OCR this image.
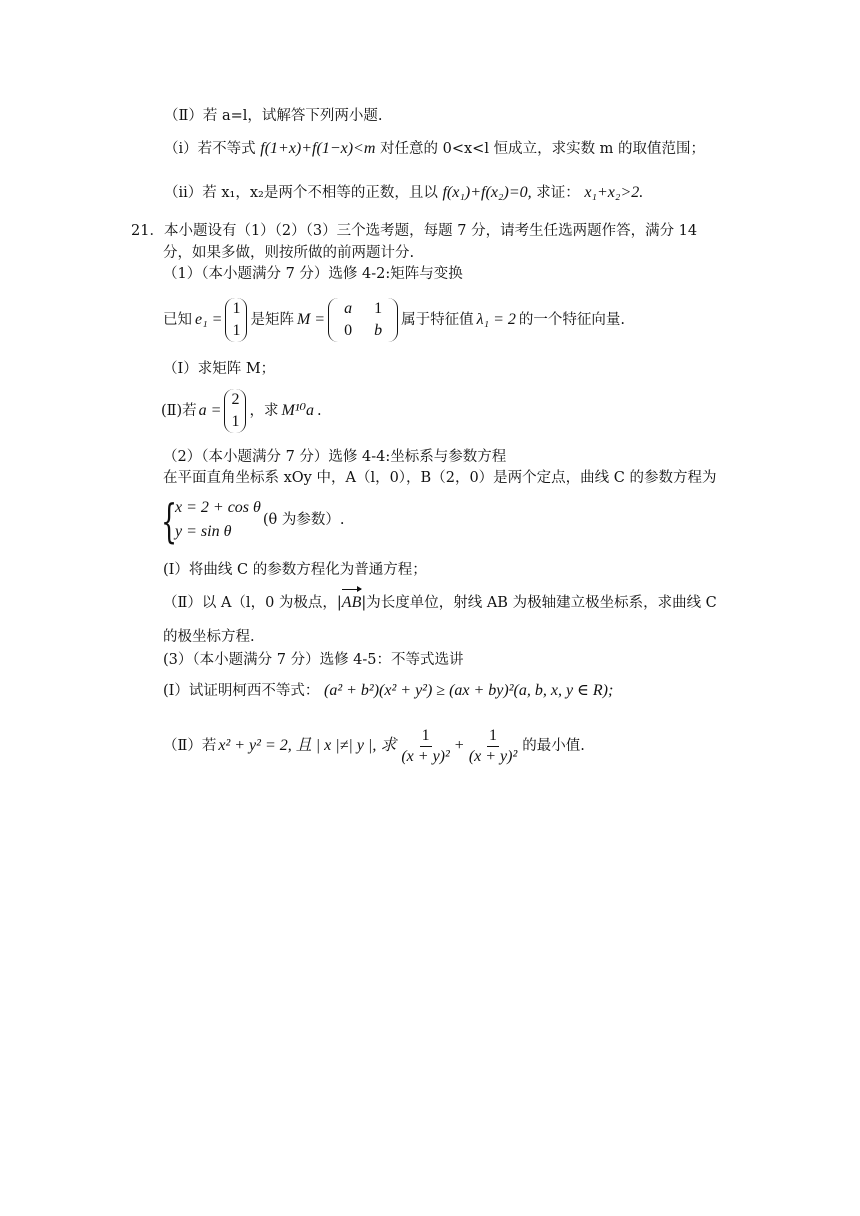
（Ⅱ）若 a=l，试解答下列两小题.
（i）若不等式 f(1+x)+f(1−x)<m 对任意的 0<x<l 恒成立，求实数 m 的取值范围；
（ii）若 x₁，x₂是两个不相等的正数，且以 f(x₁)+f(x₂)=0, 求证： x₁+x₂>2.
21．本小题设有（1）（2）（3）三个选考题，每题 7 分，请考生任选两题作答，满分 14
分，如果多做，则按所做的前两题计分.
（1）（本小题满分 7 分）选修 4-2:矩阵与变换
已知 e₁ =
1
1
是矩阵 M =
a	1
0	b
属于特征值 λ₁ = 2 的一个特征向量.
（I）求矩阵 M；
(Ⅱ)若 a =
2
1
，求 M¹⁰a .
（2）（本小题满分 7 分）选修 4-4:坐标系与参数方程
在平面直角坐标系 xOy 中，A（l，0），B（2，0）是两个定点，曲线 C 的参数方程为
{ x = 2 + cos θ
y = sin θ
(θ 为参数）.
(I）将曲线 C 的参数方程化为普通方程；
（Ⅱ）以 A（l，0 为极点，|
AB|为长度单位，射线 AB 为极轴建立极坐标系，求曲线 C
的极坐标方程.
(3）（本小题满分 7 分）选修 4-5：不等式选讲
(I）试证明柯西不等式： (a² + b²)(x² + y²) ≥ (ax + by)²(a, b, x, y ∈ R);
（Ⅱ）若 x² + y² = 2, 且 | x |≠| y |, 求 $\frac{1}{\text{(x + y)²}} + \frac{1}{\text{(x + y)²}}$ 的最小值.
